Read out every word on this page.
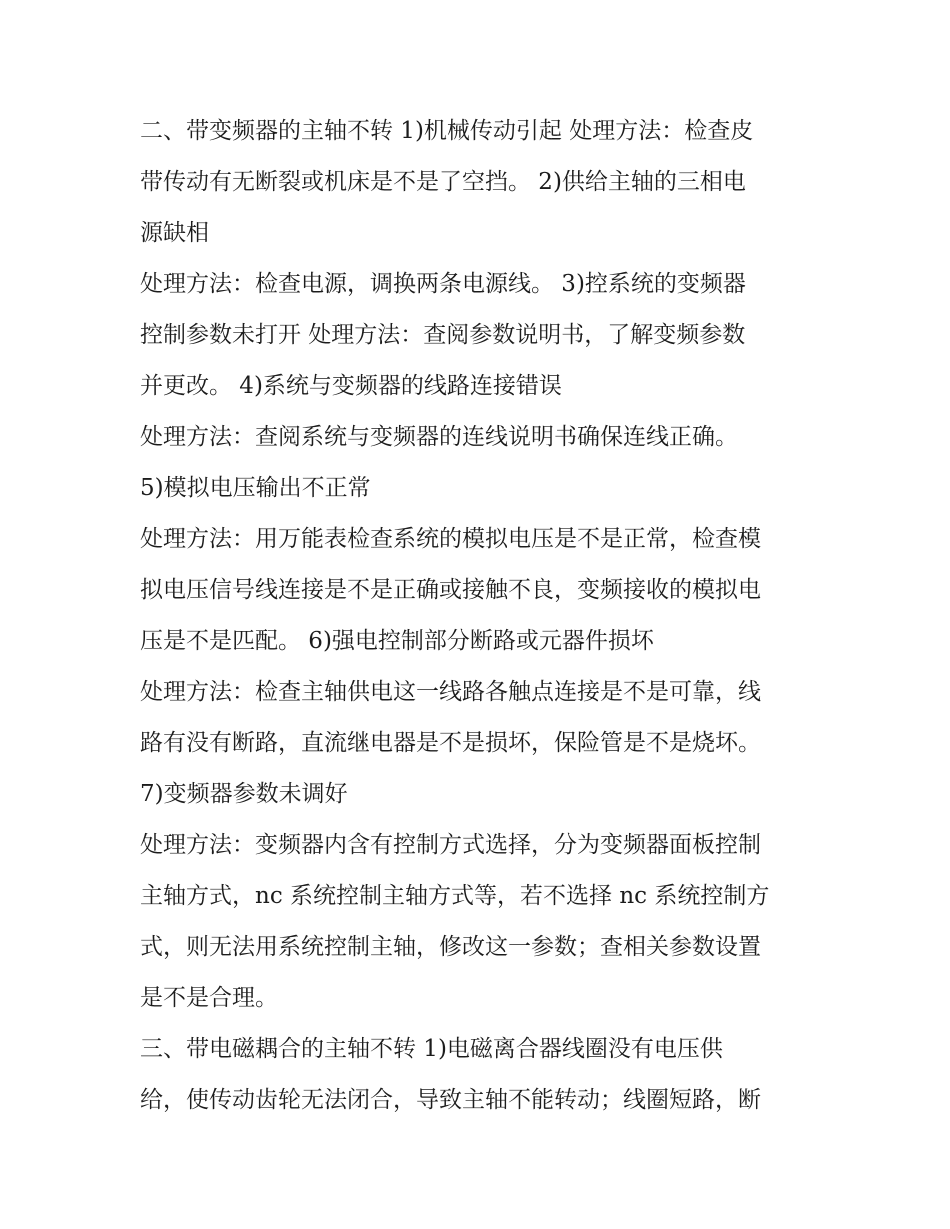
二、带变频器的主轴不转 1)机械传动引起 处理方法：检查皮
带传动有无断裂或机床是不是了空挡。 2)供给主轴的三相电
源缺相
处理方法：检查电源，调换两条电源线。 3)控系统的变频器
控制参数未打开 处理方法：查阅参数说明书，了解变频参数
并更改。 4)系统与变频器的线路连接错误
处理方法：查阅系统与变频器的连线说明书确保连线正确。
5)模拟电压输出不正常
处理方法：用万能表检查系统的模拟电压是不是正常，检查模
拟电压信号线连接是不是正确或接触不良，变频接收的模拟电
压是不是匹配。 6)强电控制部分断路或元器件损坏
处理方法：检查主轴供电这一线路各触点连接是不是可靠，线
路有没有断路，直流继电器是不是损坏，保险管是不是烧坏。
7)变频器参数未调好
处理方法：变频器内含有控制方式选择，分为变频器面板控制
主轴方式，nc 系统控制主轴方式等，若不选择 nc 系统控制方
式，则无法用系统控制主轴，修改这一参数；查相关参数设置
是不是合理。
三、带电磁耦合的主轴不转 1)电磁离合器线圈没有电压供
给，使传动齿轮无法闭合，导致主轴不能转动；线圈短路，断
